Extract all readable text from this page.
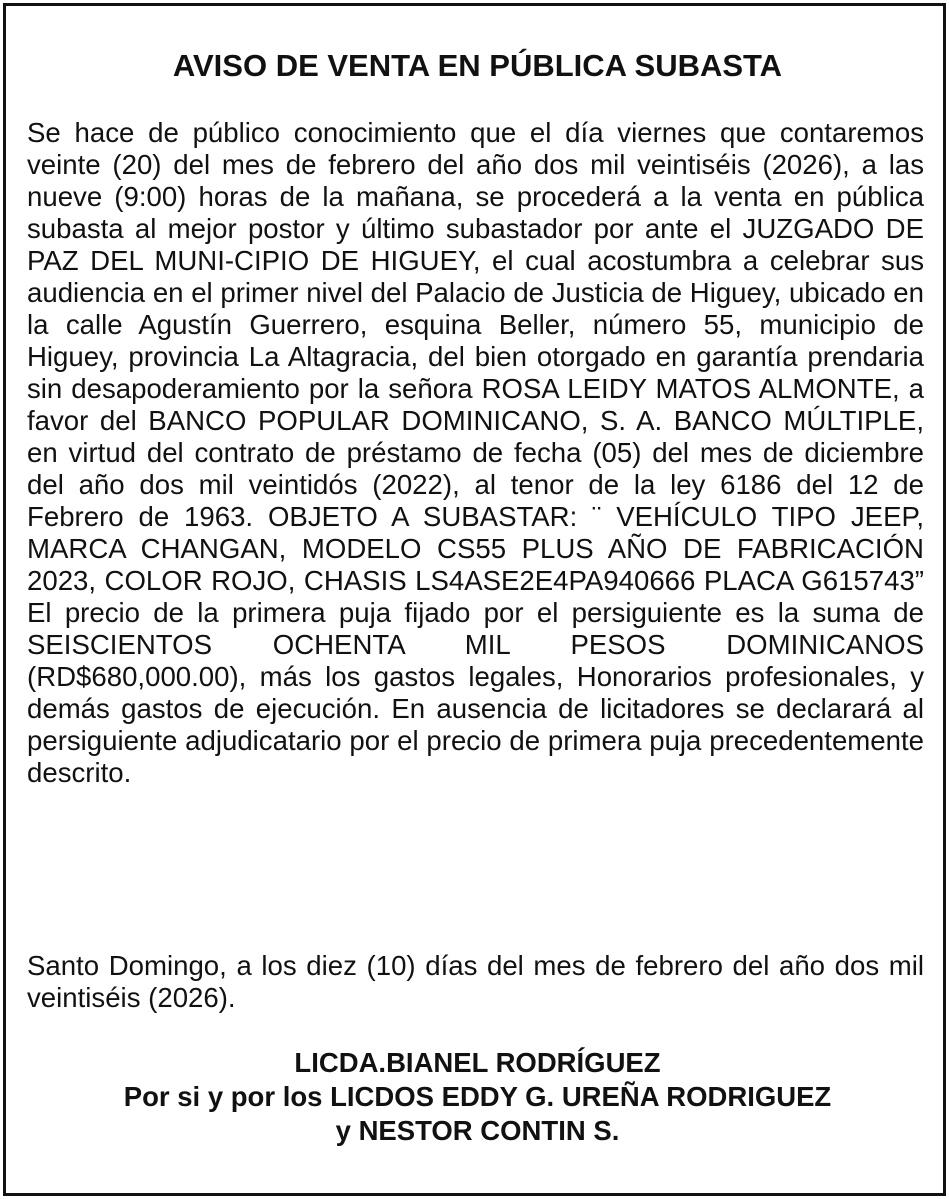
AVISO DE VENTA EN PÚBLICA SUBASTA

Se hace de público conocimiento que el día viernes que contaremos veinte (20) del mes de febrero del año dos mil veintiséis (2026), a las nueve (9:00) horas de la mañana, se procederá a la venta en pública subasta al mejor postor y último subastador por ante el JUZGADO DE PAZ DEL MUNI-CIPIO DE HIGUEY, el cual acostumbra a celebrar sus audiencia en el primer nivel del Palacio de Justicia de Higuey, ubicado en la calle Agustín Guerrero, esquina Beller, número 55, municipio de Higuey, provincia La Altagracia, del bien otorgado en garantía prendaria sin desapoderamiento por la señora ROSA LEIDY MATOS ALMONTE, a favor del BANCO POPULAR DOMINICANO, S. A. BANCO MÚLTIPLE, en virtud del contrato de préstamo de fecha (05) del mes de diciembre del año dos mil veintidós (2022), al tenor de la ley 6186 del 12 de Febrero de 1963. OBJETO A SUBASTAR: ¨ VEHÍCULO TIPO JEEP, MARCA CHANGAN, MODELO CS55 PLUS AÑO DE FABRICACIÓN 2023, COLOR ROJO, CHASIS LS4ASE2E4PA940666 PLACA G615743” El precio de la primera puja fijado por el persiguiente es la suma de SEISCIENTOS OCHENTA MIL PESOS DOMINICANOS (RD$680,000.00), más los gastos legales, Honorarios profesionales, y demás gastos de ejecución. En ausencia de licitadores se declarará al persiguiente adjudicatario por el precio de primera puja precedentemente descrito.

Santo Domingo, a los diez (10) días del mes de febrero del año dos mil veintiséis (2026).

LICDA.BIANEL RODRÍGUEZ
Por si y por los LICDOS EDDY G. UREÑA RODRIGUEZ
y NESTOR CONTIN S.
